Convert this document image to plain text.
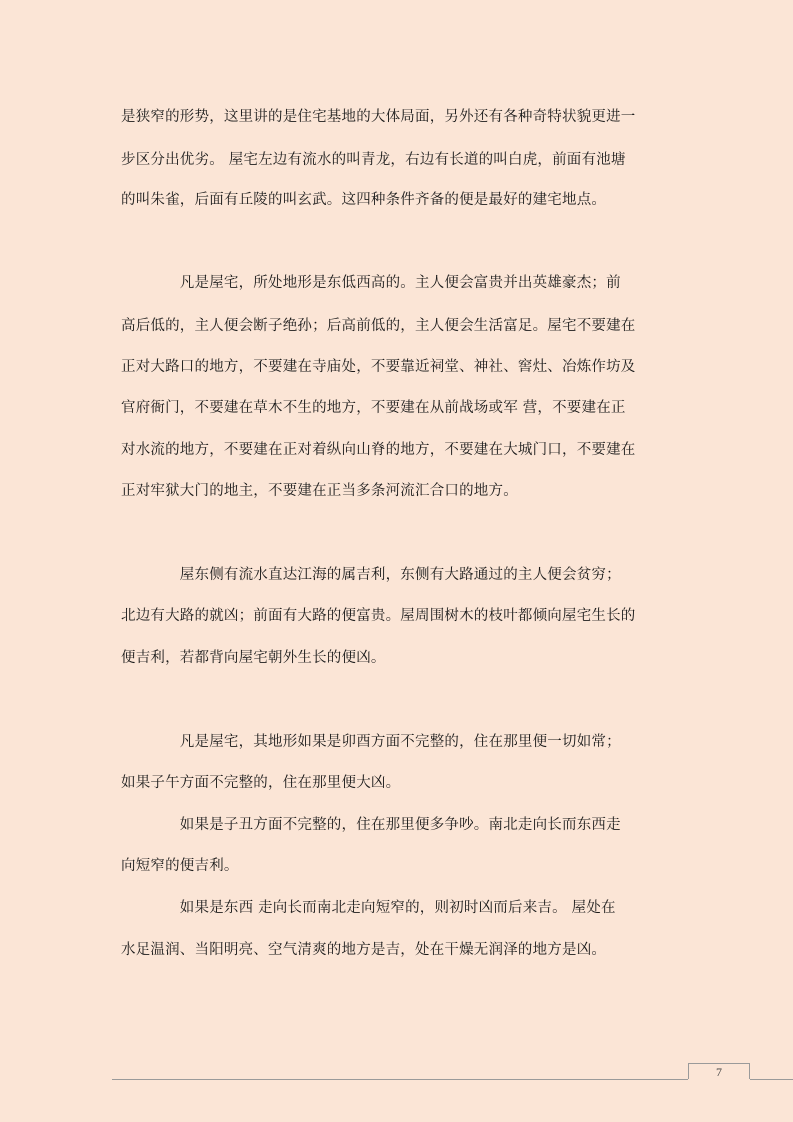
是狭窄的形势，这里讲的是住宅基地的大体局面，另外还有各种奇特状貌更进一
步区分出优劣。 屋宅左边有流水的叫青龙，右边有长道的叫白虎，前面有池塘
的叫朱雀，后面有丘陵的叫玄武。这四种条件齐备的便是最好的建宅地点。
　　　　凡是屋宅，所处地形是东低西高的。主人便会富贵并出英雄豪杰；前
高后低的，主人便会断子绝孙；后高前低的，主人便会生活富足。屋宅不要建在
正对大路口的地方，不要建在寺庙处，不要靠近祠堂、神社、窖灶、冶炼作坊及
官府衙门，不要建在草木不生的地方，不要建在从前战场或军 营，不要建在正
对水流的地方，不要建在正对着纵向山脊的地方，不要建在大城门口，不要建在
正对牢狱大门的地主，不要建在正当多条河流汇合口的地方。
　　　　屋东侧有流水直达江海的属吉利，东侧有大路通过的主人便会贫穷；
北边有大路的就凶；前面有大路的便富贵。屋周围树木的枝叶都倾向屋宅生长的
便吉利，若都背向屋宅朝外生长的便凶。
　　　　凡是屋宅，其地形如果是卯酉方面不完整的，住在那里便一切如常；
如果子午方面不完整的，住在那里便大凶。
　　　　如果是子丑方面不完整的，住在那里便多争吵。南北走向长而东西走
向短窄的便吉利。
　　　　如果是东西 走向长而南北走向短窄的，则初时凶而后来吉。 屋处在
水足温润、当阳明亮、空气清爽的地方是吉，处在干燥无润泽的地方是凶。
7
